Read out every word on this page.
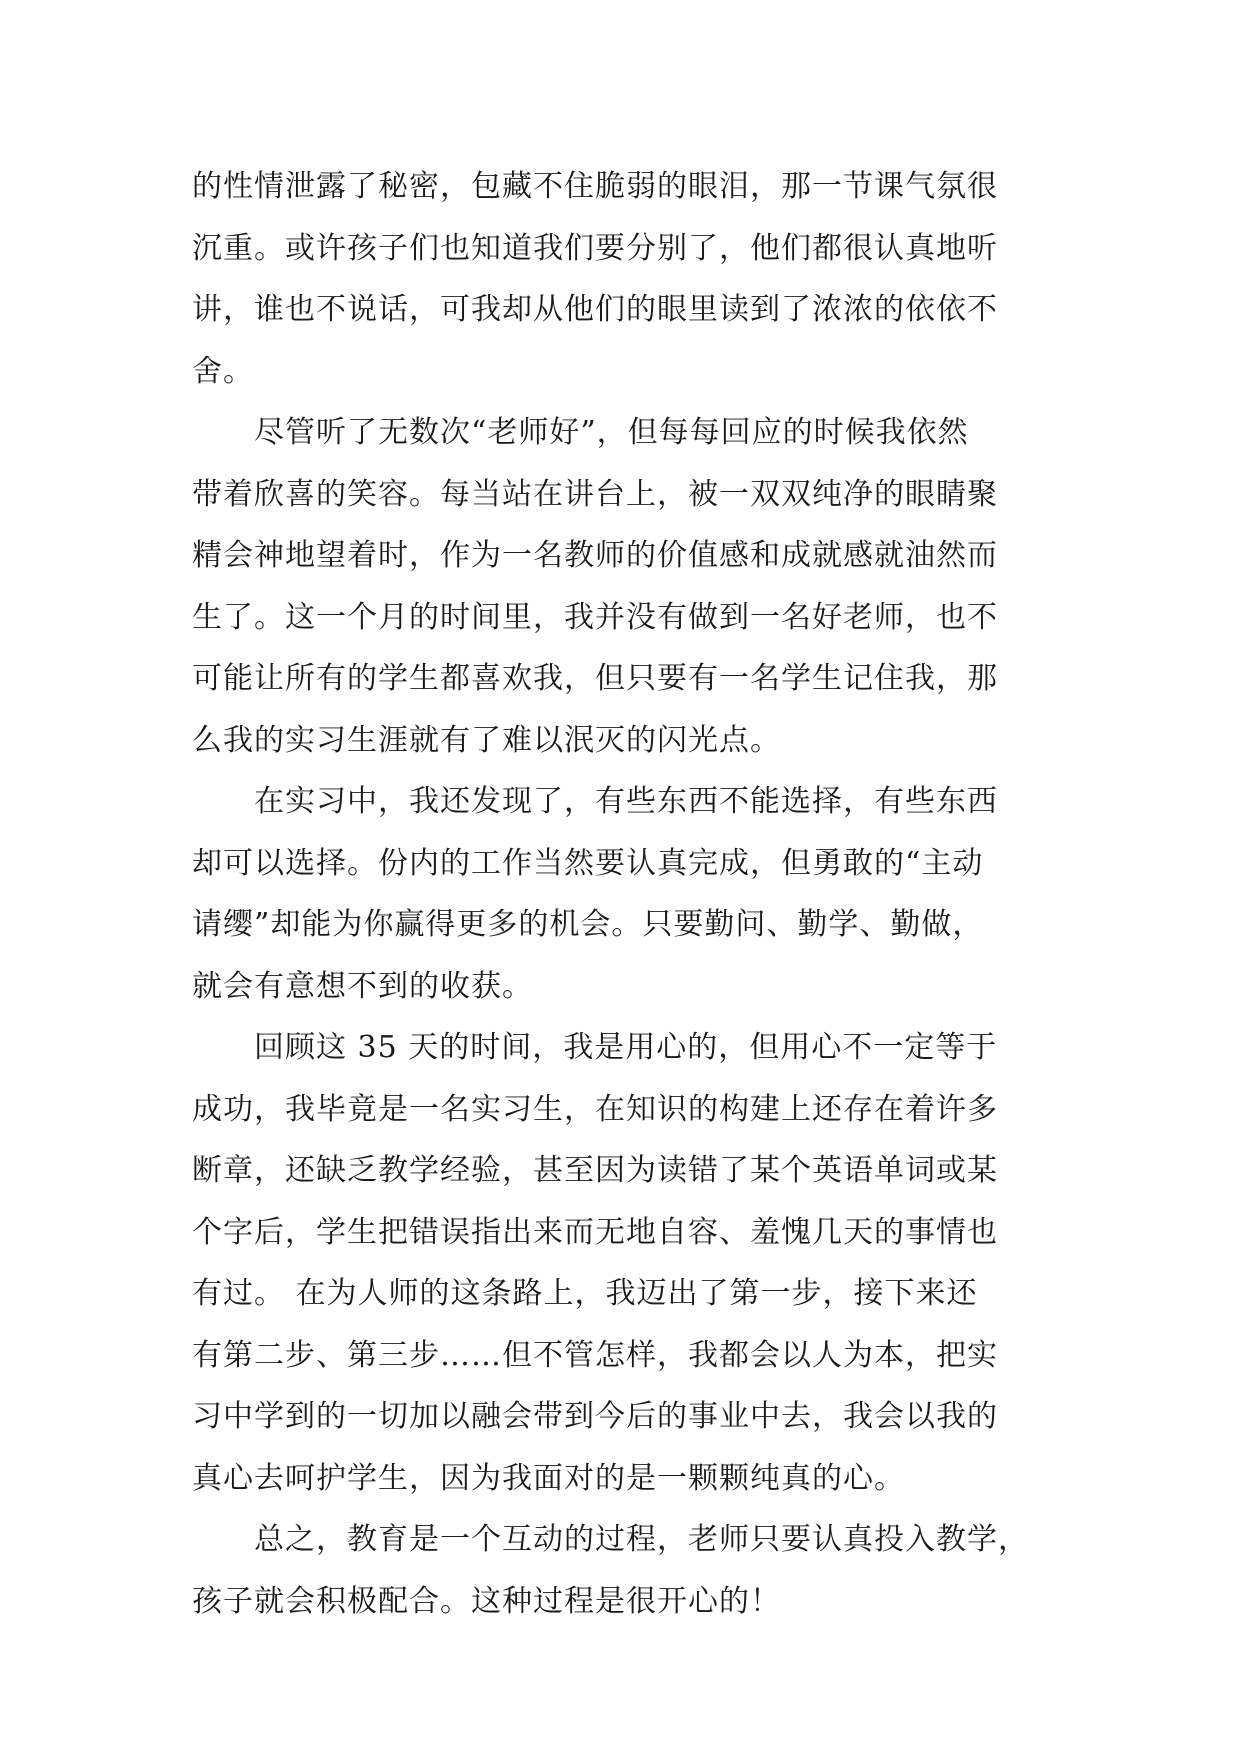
的性情泄露了秘密，包藏不住脆弱的眼泪，那一节课气氛很
沉重。或许孩子们也知道我们要分别了，他们都很认真地听
讲，谁也不说话，可我却从他们的眼里读到了浓浓的依依不
舍。
　　尽管听了无数次“老师好”，但每每回应的时候我依然
带着欣喜的笑容。每当站在讲台上，被一双双纯净的眼睛聚
精会神地望着时，作为一名教师的价值感和成就感就油然而
生了。这一个月的时间里，我并没有做到一名好老师，也不
可能让所有的学生都喜欢我，但只要有一名学生记住我，那
么我的实习生涯就有了难以泯灭的闪光点。
　　在实习中，我还发现了，有些东西不能选择，有些东西
却可以选择。份内的工作当然要认真完成，但勇敢的“主动
请缨”却能为你赢得更多的机会。只要勤问、勤学、勤做，
就会有意想不到的收获。
　　回顾这 35 天的时间，我是用心的，但用心不一定等于
成功，我毕竟是一名实习生，在知识的构建上还存在着许多
断章，还缺乏教学经验，甚至因为读错了某个英语单词或某
个字后，学生把错误指出来而无地自容、羞愧几天的事情也
有过。 在为人师的这条路上，我迈出了第一步，接下来还
有第二步、第三步……但不管怎样，我都会以人为本，把实
习中学到的一切加以融会带到今后的事业中去，我会以我的
真心去呵护学生，因为我面对的是一颗颗纯真的心。
　　总之，教育是一个互动的过程，老师只要认真投入教学，
孩子就会积极配合。这种过程是很开心的！
